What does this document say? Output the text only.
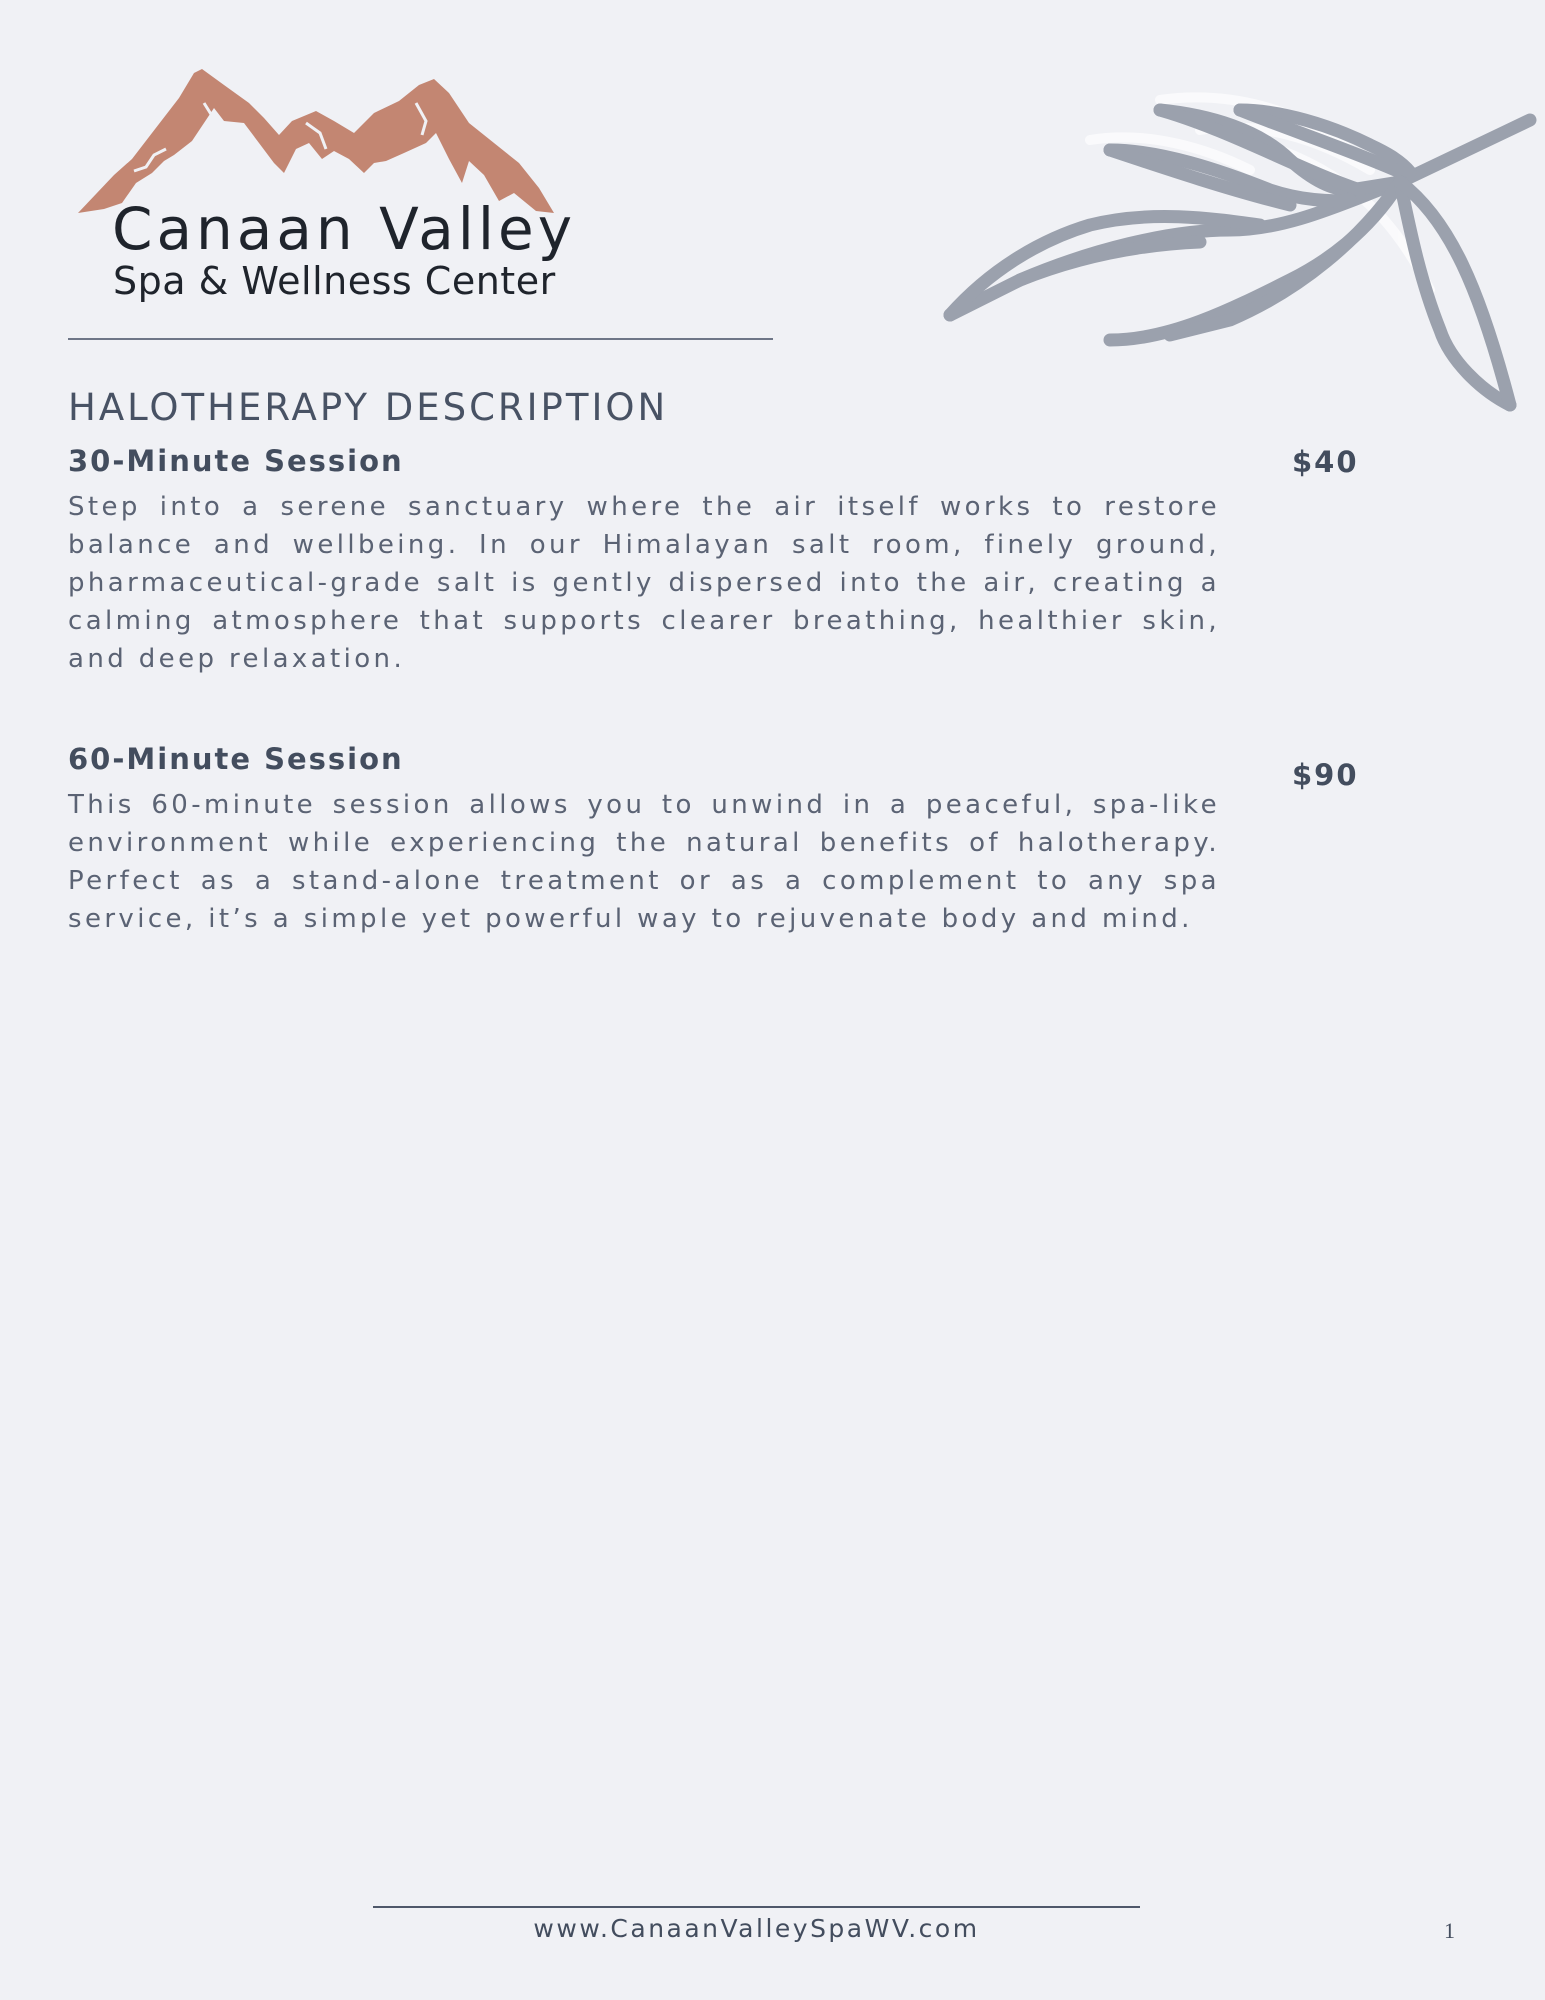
Canaan Valley
Spa & Wellness Center
HALOTHERAPY DESCRIPTION
30-Minute Session
Step into a serene sanctuary where the air itself works to restore balance and wellbeing. In our Himalayan salt room, finely ground, pharmaceutical-grade salt is gently dispersed into the air, creating a calming atmosphere that supports clearer breathing, healthier skin, and deep relaxation.
$40
60-Minute Session
This 60-minute session allows you to unwind in a peaceful, spa-like environment while experiencing the natural benefits of halotherapy. Perfect as a stand-alone treatment or as a complement to any spa service, it’s a simple yet powerful way to rejuvenate body and mind.
$90
www.CanaanValleySpaWV.com	1
